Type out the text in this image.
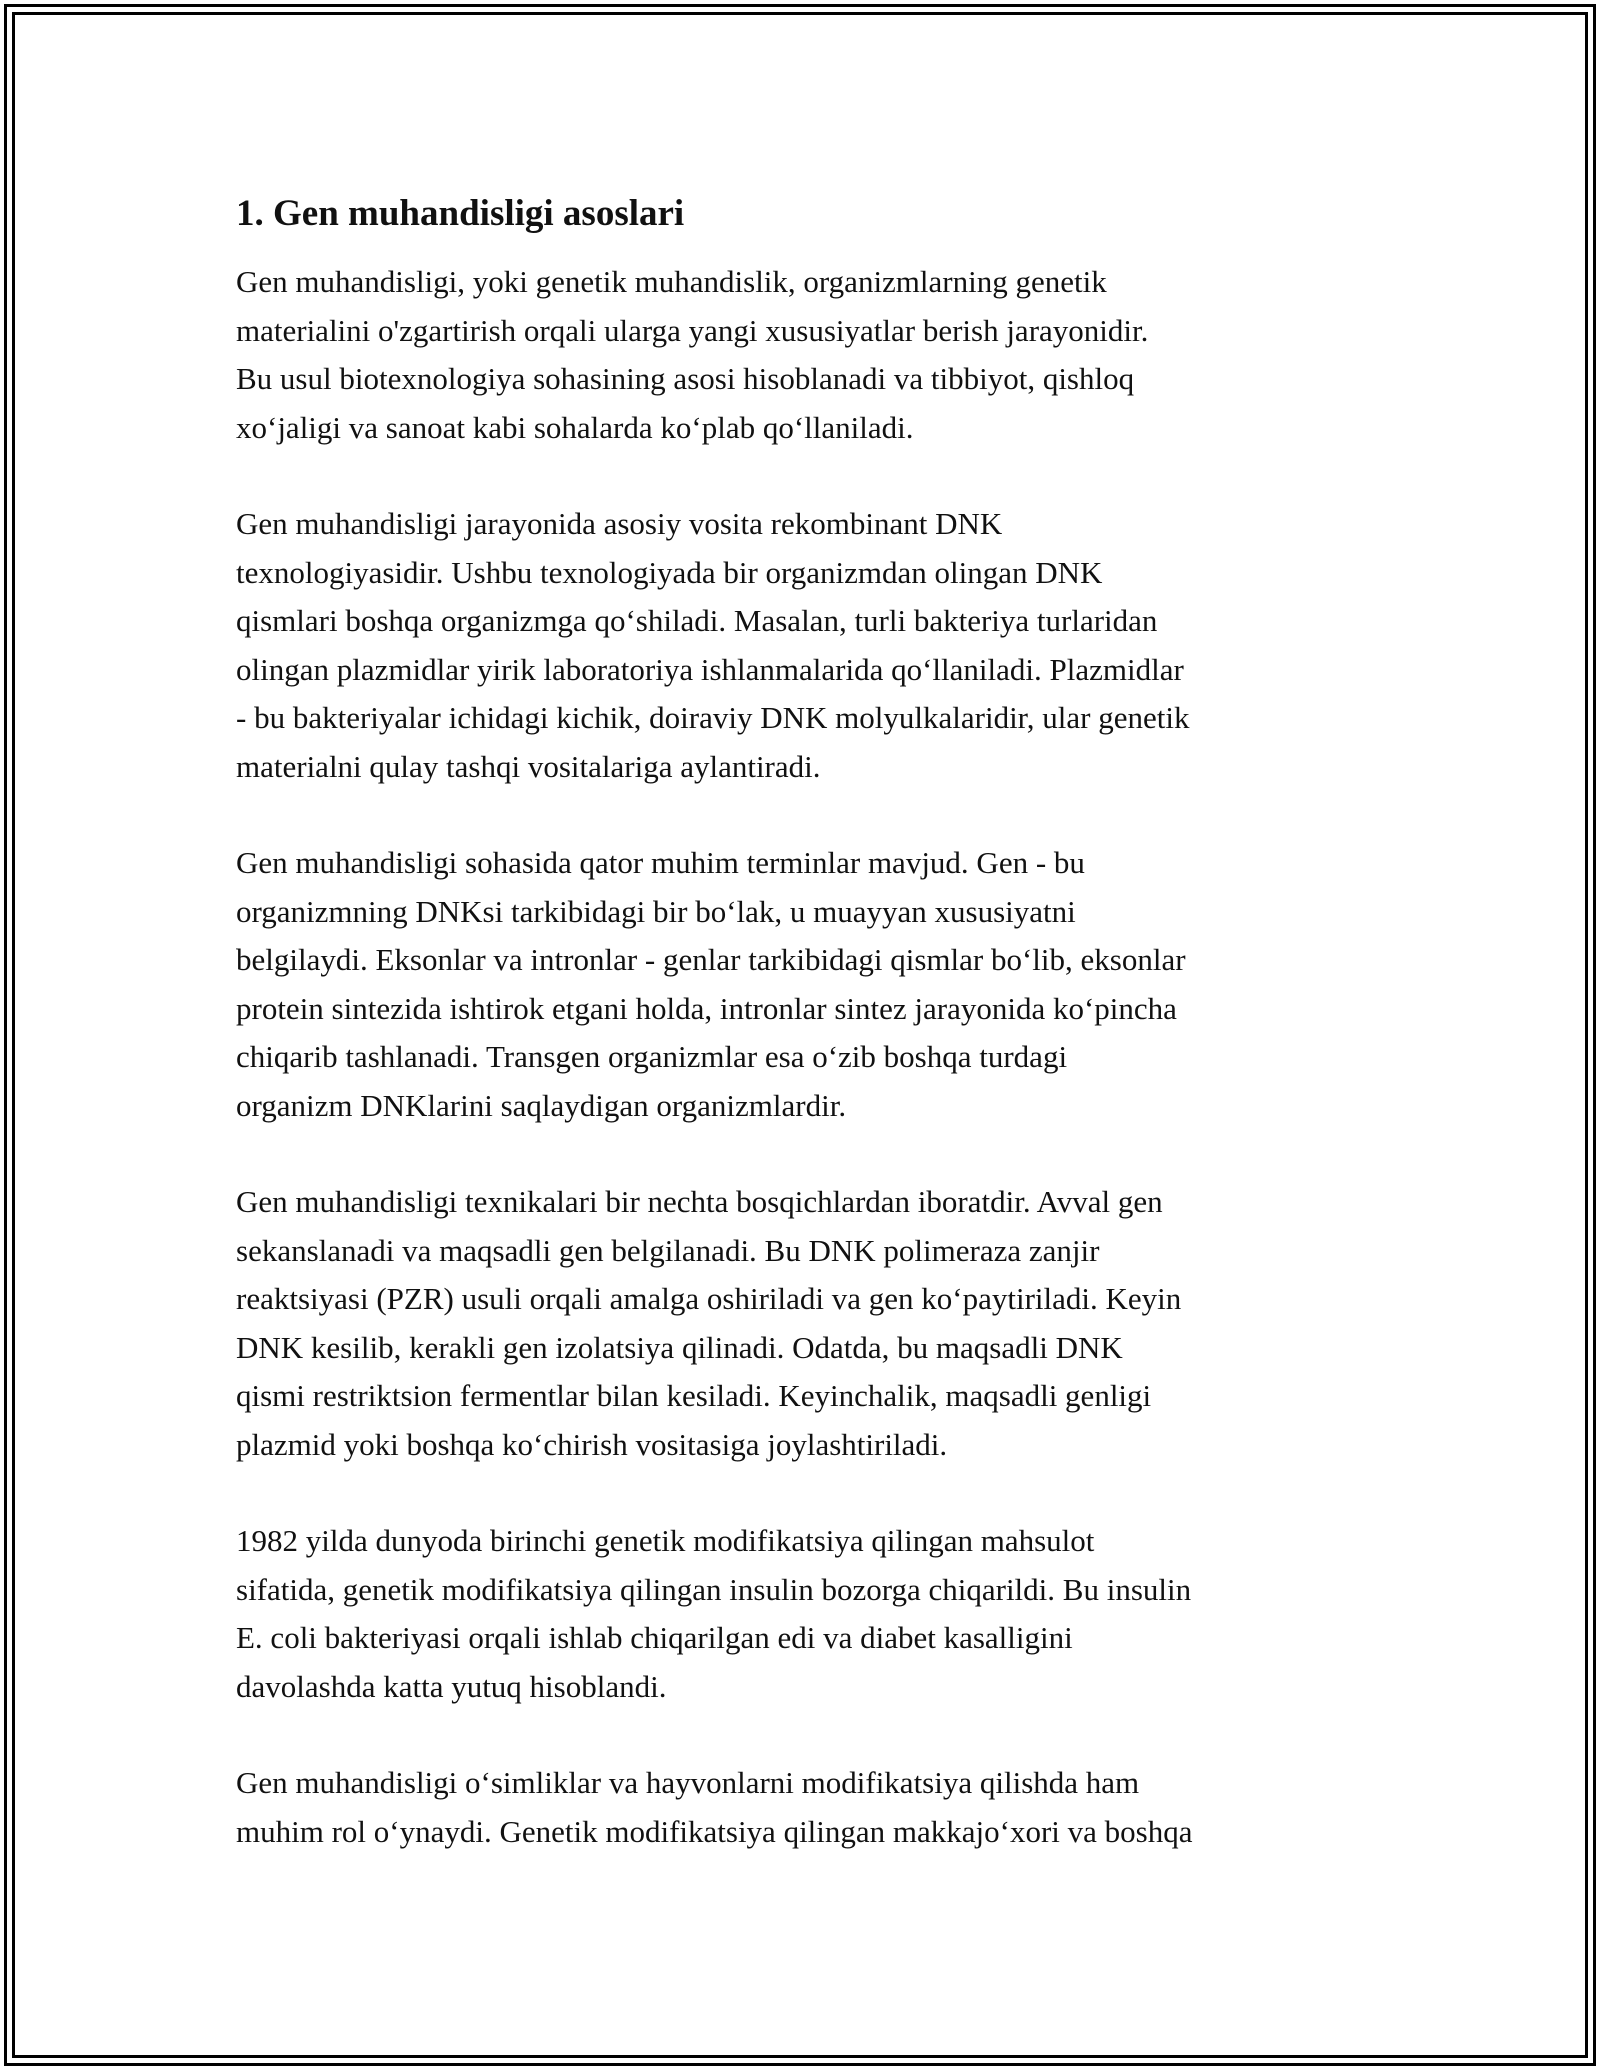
1. Gen muhandisligi asoslari

Gen muhandisligi, yoki genetik muhandislik, organizmlarning genetik
materialini o'zgartirish orqali ularga yangi xususiyatlar berish jarayonidir.
Bu usul biotexnologiya sohasining asosi hisoblanadi va tibbiyot, qishloq
xo‘jaligi va sanoat kabi sohalarda ko‘plab qo‘llaniladi.

Gen muhandisligi jarayonida asosiy vosita rekombinant DNK
texnologiyasidir. Ushbu texnologiyada bir organizmdan olingan DNK
qismlari boshqa organizmga qo‘shiladi. Masalan, turli bakteriya turlaridan
olingan plazmidlar yirik laboratoriya ishlanmalarida qo‘llaniladi. Plazmidlar
- bu bakteriyalar ichidagi kichik, doiraviy DNK molyulkalaridir, ular genetik
materialni qulay tashqi vositalariga aylantiradi.

Gen muhandisligi sohasida qator muhim terminlar mavjud. Gen - bu
organizmning DNKsi tarkibidagi bir bo‘lak, u muayyan xususiyatni
belgilaydi. Eksonlar va intronlar - genlar tarkibidagi qismlar bo‘lib, eksonlar
protein sintezida ishtirok etgani holda, intronlar sintez jarayonida ko‘pincha
chiqarib tashlanadi. Transgen organizmlar esa o‘zib boshqa turdagi
organizm DNKlarini saqlaydigan organizmlardir.

Gen muhandisligi texnikalari bir nechta bosqichlardan iboratdir. Avval gen
sekanslanadi va maqsadli gen belgilanadi. Bu DNK polimeraza zanjir
reaktsiyasi (PZR) usuli orqali amalga oshiriladi va gen ko‘paytiriladi. Keyin
DNK kesilib, kerakli gen izolatsiya qilinadi. Odatda, bu maqsadli DNK
qismi restriktsion fermentlar bilan kesiladi. Keyinchalik, maqsadli genligi
plazmid yoki boshqa ko‘chirish vositasiga joylashtiriladi.

1982 yilda dunyoda birinchi genetik modifikatsiya qilingan mahsulot
sifatida, genetik modifikatsiya qilingan insulin bozorga chiqarildi. Bu insulin
E. coli bakteriyasi orqali ishlab chiqarilgan edi va diabet kasalligini
davolashda katta yutuq hisoblandi.

Gen muhandisligi o‘simliklar va hayvonlarni modifikatsiya qilishda ham
muhim rol o‘ynaydi. Genetik modifikatsiya qilingan makkajo‘xori va boshqa
